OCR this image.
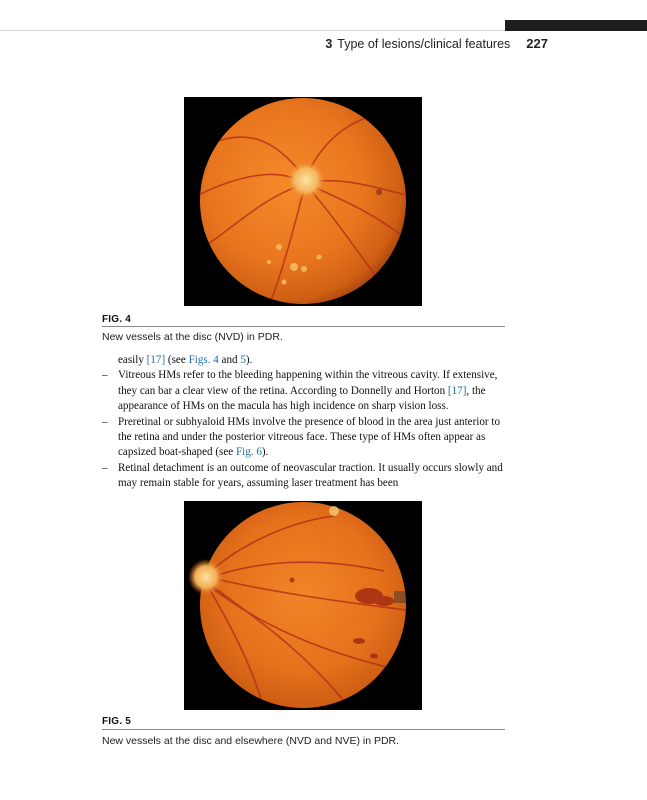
3 Type of lesions/clinical features 227
FIG. 4
New vessels at the disc (NVD) in PDR.

easily [17] (see Figs. 4 and 5).

– Vitreous HMs refer to the bleeding happening within the vitreous cavity. If extensive, they can bar a clear view of the retina. According to Donnelly and Horton [17], the appearance of HMs on the macula has high incidence on sharp vision loss.

– Preretinal or subhyaloid HMs involve the presence of blood in the area just anterior to the retina and under the posterior vitreous face. These type of HMs often appear as capsized boat-shaped (see Fig. 6).

– Retinal detachment is an outcome of neovascular traction. It usually occurs slowly and may remain stable for years, assuming laser treatment has been

FIG. 5
New vessels at the disc and elsewhere (NVD and NVE) in PDR.
